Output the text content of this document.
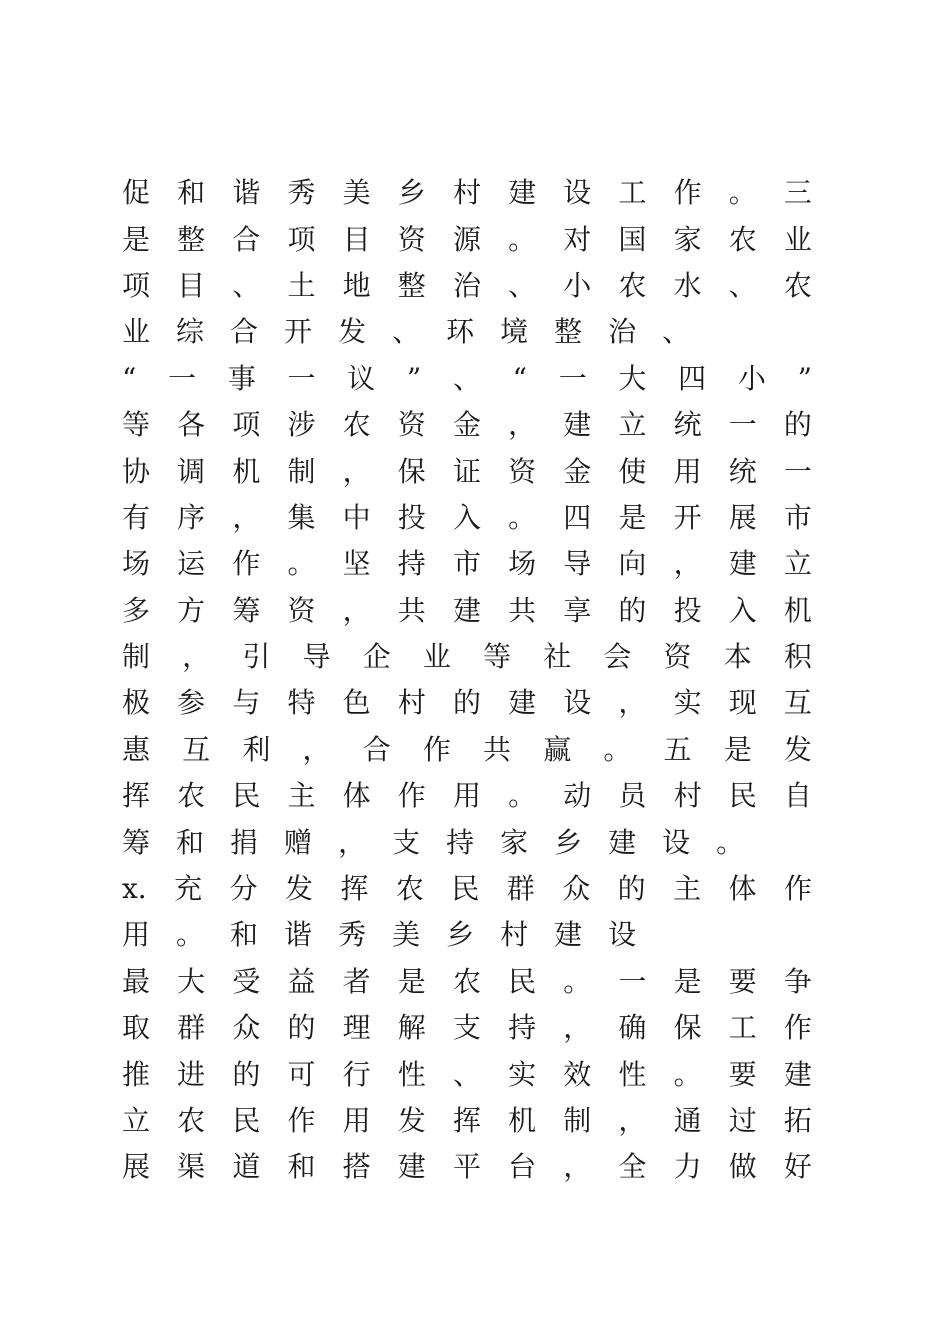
促 和 谐 秀 美 乡 村 建 设 工 作 。 三
是 整 合 项 目 资 源 。 对 国 家 农 业
项 目 、 土 地 整 治 、 小 农 水 、 农
业 综 合 开 发 、 环 境 整 治 、
“ 一 事 一 议 ” 、 “ 一 大 四 小 ”
等 各 项 涉 农 资 金 ， 建 立 统 一 的
协 调 机 制 ， 保 证 资 金 使 用 统 一
有 序 ， 集 中 投 入 。 四 是 开 展 市
场 运 作 。 坚 持 市 场 导 向 ， 建 立
多 方 筹 资 ， 共 建 共 享 的 投 入 机
制 ， 引 导 企 业 等 社 会 资 本 积
极 参 与 特 色 村 的 建 设 ， 实 现 互
惠 互 利 ， 合 作 共 赢 。 五 是 发
挥 农 民 主 体 作 用 。 动 员 村 民 自
筹 和 捐 赠 ， 支 持 家 乡 建 设 。
x. 充 分 发 挥 农 民 群 众 的 主 体 作
用 。 和 谐 秀 美 乡 村 建 设
最 大 受 益 者 是 农 民 。 一 是 要 争
取 群 众 的 理 解 支 持 ， 确 保 工 作
推 进 的 可 行 性 、 实 效 性 。 要 建
立 农 民 作 用 发 挥 机 制 ， 通 过 拓
展 渠 道 和 搭 建 平 台 ， 全 力 做 好
